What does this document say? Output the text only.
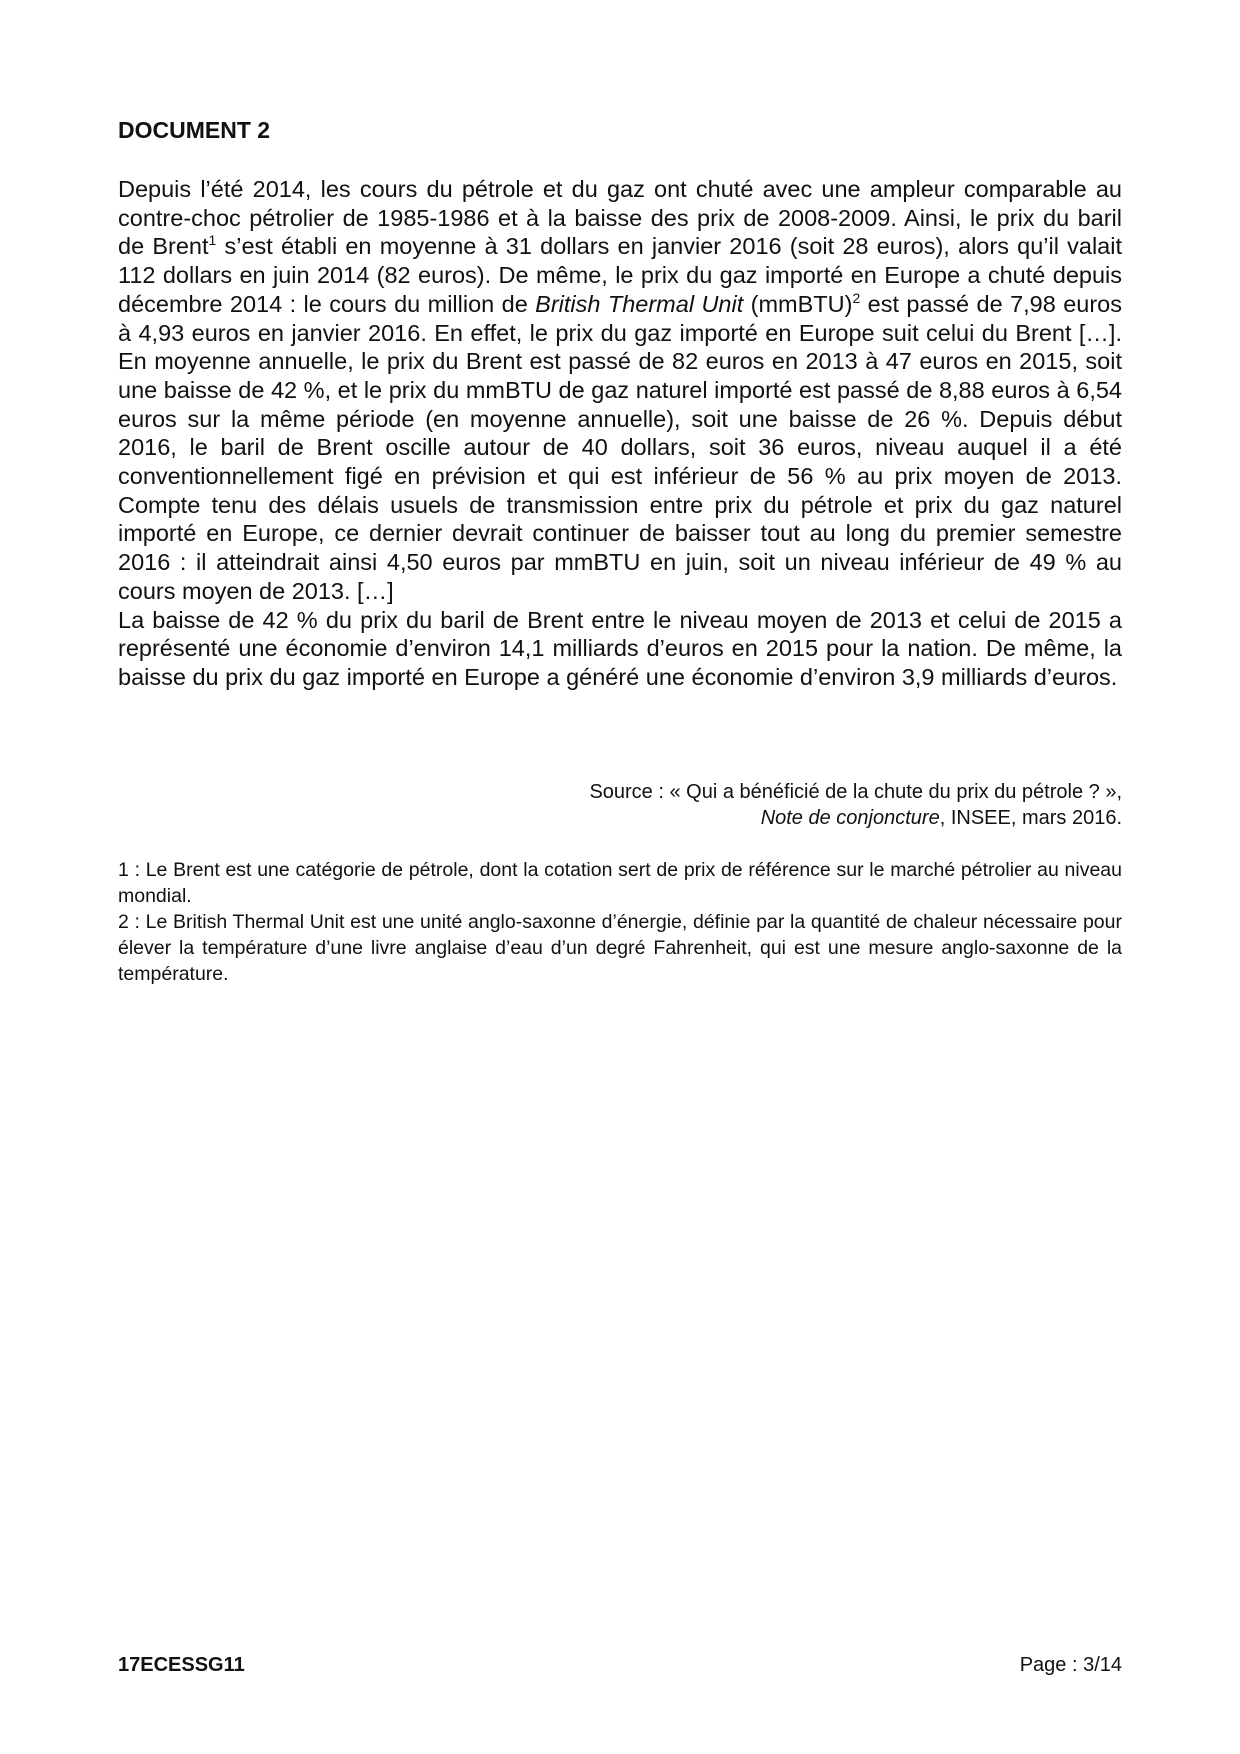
DOCUMENT 2

Depuis l’été 2014, les cours du pétrole et du gaz ont chuté avec une ampleur comparable au contre-choc pétrolier de 1985-1986 et à la baisse des prix de 2008-2009. Ainsi, le prix du baril de Brent$^1$ s’est établi en moyenne à 31 dollars en janvier 2016 (soit 28 euros), alors qu’il valait 112 dollars en juin 2014 (82 euros). De même, le prix du gaz importé en Europe a chuté depuis décembre 2014 : le cours du million de British Thermal Unit (mmBTU)$^2$ est passé de 7,98 euros à 4,93 euros en janvier 2016. En effet, le prix du gaz importé en Europe suit celui du Brent […]. En moyenne annuelle, le prix du Brent est passé de 82 euros en 2013 à 47 euros en 2015, soit une baisse de 42 %, et le prix du mmBTU de gaz naturel importé est passé de 8,88 euros à 6,54 euros sur la même période (en moyenne annuelle), soit une baisse de 26 %. Depuis début 2016, le baril de Brent oscille autour de 40 dollars, soit 36 euros, niveau auquel il a été conventionnellement figé en prévision et qui est inférieur de 56 % au prix moyen de 2013. Compte tenu des délais usuels de transmission entre prix du pétrole et prix du gaz naturel importé en Europe, ce dernier devrait continuer de baisser tout au long du premier semestre 2016 : il atteindrait ainsi 4,50 euros par mmBTU en juin, soit un niveau inférieur de 49 % au cours moyen de 2013. […]

La baisse de 42 % du prix du baril de Brent entre le niveau moyen de 2013 et celui de 2015 a représenté une économie d’environ 14,1 milliards d’euros en 2015 pour la nation. De même, la baisse du prix du gaz importé en Europe a généré une économie d’environ 3,9 milliards d’euros.

Source : « Qui a bénéficié de la chute du prix du pétrole ? »,
Note de conjoncture, INSEE, mars 2016.

1 : Le Brent est une catégorie de pétrole, dont la cotation sert de prix de référence sur le marché pétrolier au niveau mondial.

2 : Le British Thermal Unit est une unité anglo-saxonne d’énergie, définie par la quantité de chaleur nécessaire pour élever la température d’une livre anglaise d’eau d’un degré Fahrenheit, qui est une mesure anglo-saxonne de la température.

17ECESSG11	Page : 3/14
